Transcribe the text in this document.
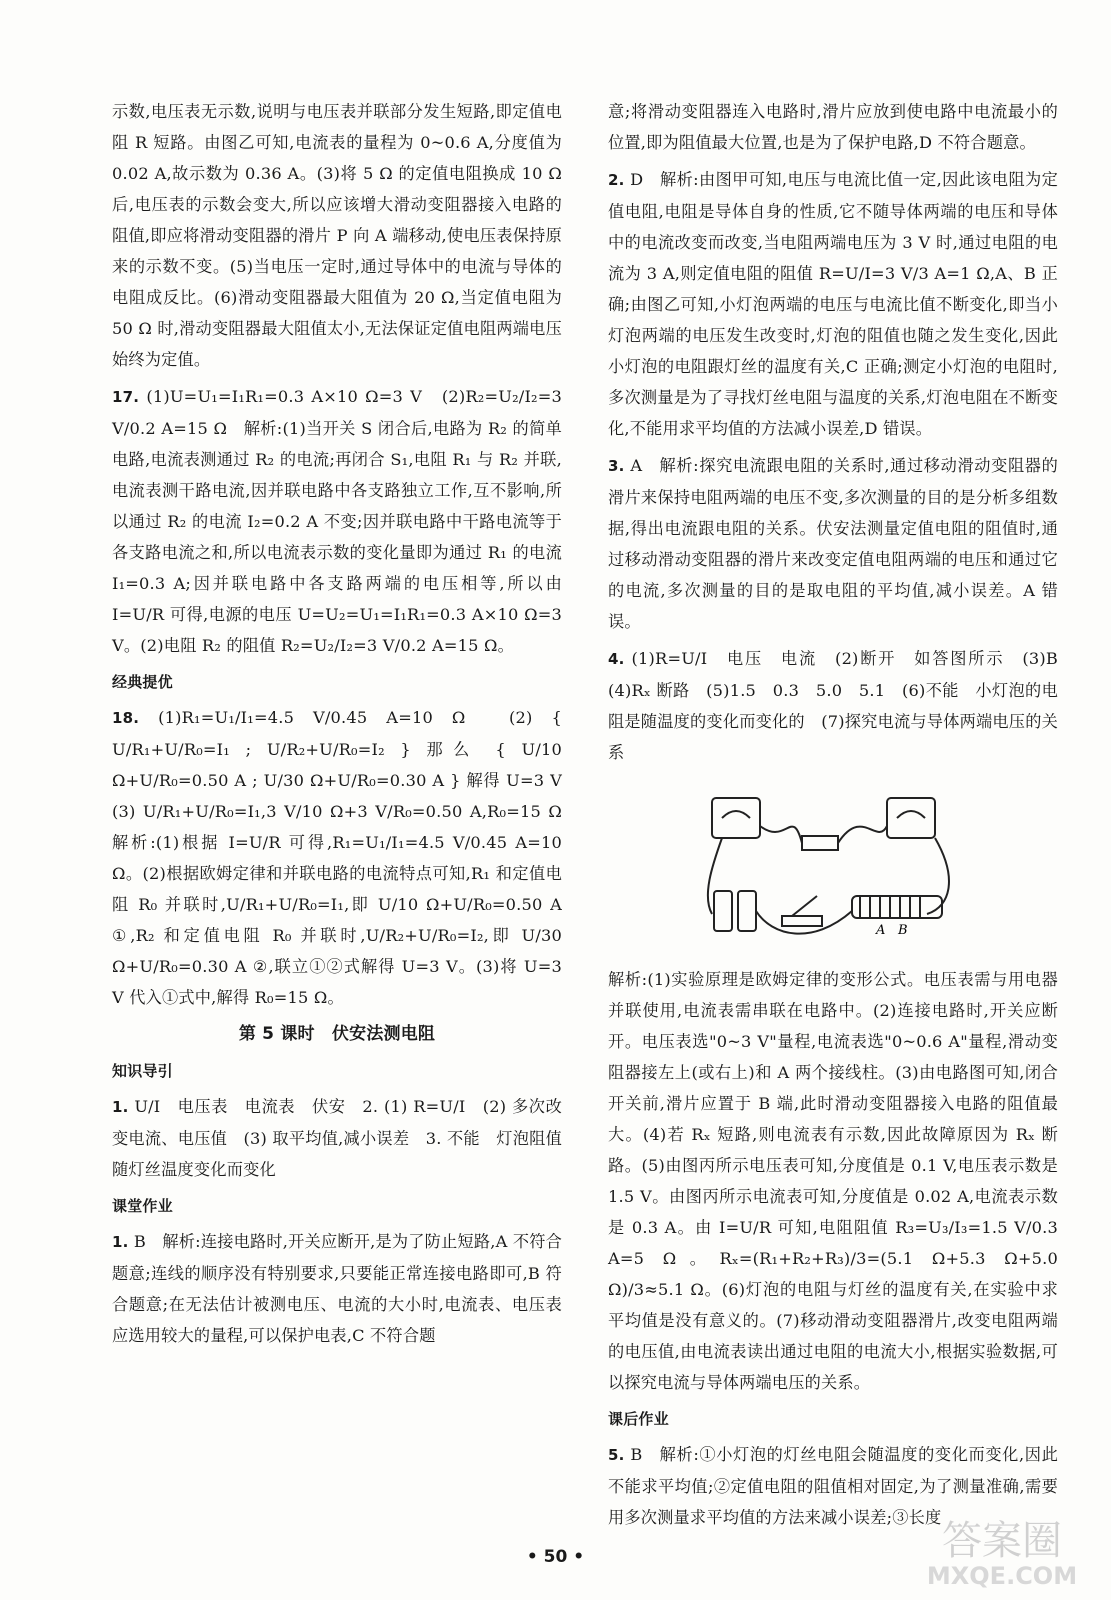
示数,电压表无示数,说明与电压表并联部分发生短路,即定值电阻 R 短路。由图乙可知,电流表的量程为 0~0.6 A,分度值为 0.02 A,故示数为 0.36 A。(3)将 5 Ω 的定值电阻换成 10 Ω 后,电压表的示数会变大,所以应该增大滑动变阻器接入电路的阻值,即应将滑动变阻器的滑片 P 向 A 端移动,使电压表保持原来的示数不变。(5)当电压一定时,通过导体中的电流与导体的电阻成反比。(6)滑动变阻器最大阻值为 20 Ω,当定值电阻为 50 Ω 时,滑动变阻器最大阻值太小,无法保证定值电阻两端电压始终为定值。
17. (1)U=U₁=I₁R₁=0.3 A×10 Ω=3 V　(2)R₂=U₂/I₂=3 V/0.2 A=15 Ω　解析:(1)当开关 S 闭合后,电路为 R₂ 的简单电路,电流表测通过 R₂ 的电流;再闭合 S₁,电阻 R₁ 与 R₂ 并联,电流表测干路电流,因并联电路中各支路独立工作,互不影响,所以通过 R₂ 的电流 I₂=0.2 A 不变;因并联电路中干路电流等于各支路电流之和,所以电流表示数的变化量即为通过 R₁ 的电流 I₁=0.3 A;因并联电路中各支路两端的电压相等,所以由 I=U/R 可得,电源的电压 U=U₂=U₁=I₁R₁=0.3 A×10 Ω=3 V。(2)电阻 R₂ 的阻值 R₂=U₂/I₂=3 V/0.2 A=15 Ω。
经典提优
18. (1)R₁=U₁/I₁=4.5 V/0.45 A=10 Ω　(2) { U/R₁+U/R₀=I₁ ; U/R₂+U/R₀=I₂ } 那么 { U/10 Ω+U/R₀=0.50 A ; U/30 Ω+U/R₀=0.30 A } 解得 U=3 V　(3) U/R₁+U/R₀=I₁,3 V/10 Ω+3 V/R₀=0.50 A,R₀=15 Ω　解析:(1)根据 I=U/R 可得,R₁=U₁/I₁=4.5 V/0.45 A=10 Ω。(2)根据欧姆定律和并联电路的电流特点可知,R₁ 和定值电阻 R₀ 并联时,U/R₁+U/R₀=I₁,即 U/10 Ω+U/R₀=0.50 A ①,R₂ 和定值电阻 R₀ 并联时,U/R₂+U/R₀=I₂,即 U/30 Ω+U/R₀=0.30 A ②,联立①②式解得 U=3 V。(3)将 U=3 V 代入①式中,解得 R₀=15 Ω。
第 5 课时　伏安法测电阻
知识导引
1. U/I　电压表　电流表　伏安　2. (1) R=U/I　(2) 多次改变电流、电压值　(3) 取平均值,减小误差　3. 不能　灯泡阻值随灯丝温度变化而变化
课堂作业
1. B　解析:连接电路时,开关应断开,是为了防止短路,A 不符合题意;连线的顺序没有特别要求,只要能正常连接电路即可,B 符合题意;在无法估计被测电压、电流的大小时,电流表、电压表应选用较大的量程,可以保护电表,C 不符合题
意;将滑动变阻器连入电路时,滑片应放到使电路中电流最小的位置,即为阻值最大位置,也是为了保护电路,D 不符合题意。
2. D　解析:由图甲可知,电压与电流比值一定,因此该电阻为定值电阻,电阻是导体自身的性质,它不随导体两端的电压和导体中的电流改变而改变,当电阻两端电压为 3 V 时,通过电阻的电流为 3 A,则定值电阻的阻值 R=U/I=3 V/3 A=1 Ω,A、B 正确;由图乙可知,小灯泡两端的电压与电流比值不断变化,即当小灯泡两端的电压发生改变时,灯泡的阻值也随之发生变化,因此小灯泡的电阻跟灯丝的温度有关,C 正确;测定小灯泡的电阻时,多次测量是为了寻找灯丝电阻与温度的关系,灯泡电阻在不断变化,不能用求平均值的方法减小误差,D 错误。
3. A　解析:探究电流跟电阻的关系时,通过移动滑动变阻器的滑片来保持电阻两端的电压不变,多次测量的目的是分析多组数据,得出电流跟电阻的关系。伏安法测量定值电阻的阻值时,通过移动滑动变阻器的滑片来改变定值电阻两端的电压和通过它的电流,多次测量的目的是取电阻的平均值,减小误差。A 错误。
4. (1)R=U/I　电压　电流　(2)断开　如答图所示　(3)B　(4)Rₓ 断路　(5)1.5　0.3　5.0　5.1　(6)不能　小灯泡的电阻是随温度的变化而变化的　(7)探究电流与导体两端电压的关系
A B
解析:(1)实验原理是欧姆定律的变形公式。电压表需与用电器并联使用,电流表需串联在电路中。(2)连接电路时,开关应断开。电压表选"0~3 V"量程,电流表选"0~0.6 A"量程,滑动变阻器接左上(或右上)和 A 两个接线柱。(3)由电路图可知,闭合开关前,滑片应置于 B 端,此时滑动变阻器接入电路的阻值最大。(4)若 Rₓ 短路,则电流表有示数,因此故障原因为 Rₓ 断路。(5)由图丙所示电压表可知,分度值是 0.1 V,电压表示数是 1.5 V。由图丙所示电流表可知,分度值是 0.02 A,电流表示数是 0.3 A。由 I=U/R 可知,电阻阻值 R₃=U₃/I₃=1.5 V/0.3 A=5 Ω。Rₓ=(R₁+R₂+R₃)/3=(5.1 Ω+5.3 Ω+5.0 Ω)/3≈5.1 Ω。(6)灯泡的电阻与灯丝的温度有关,在实验中求平均值是没有意义的。(7)移动滑动变阻器滑片,改变电阻两端的电压值,由电流表读出通过电阻的电流大小,根据实验数据,可以探究电流与导体两端电压的关系。
课后作业
5. B　解析:①小灯泡的灯丝电阻会随温度的变化而变化,因此不能求平均值;②定值电阻的阻值相对固定,为了测量准确,需要用多次测量求平均值的方法来减小误差;③长度
• 50 •	答案圈
MXQE.COM
